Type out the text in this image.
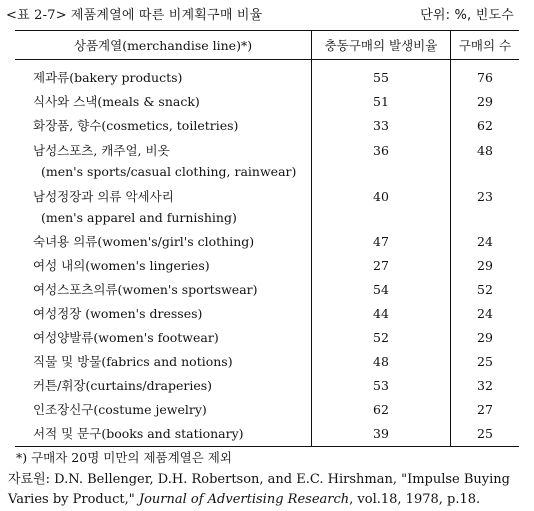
<표 2-7> 제품계열에 따른 비계획구매 비율	단위: %, 빈도수
상품계열(merchandise line)*)	충동구매의 발생비율	구매의 수
제과류(bakery products)	55	76
식사와 스낵(meals & snack)	51	29
화장품, 향수(cosmetics, toiletries)	33	62
남성스포츠, 캐주얼, 비옷
(men's sports/casual clothing, rainwear)	36	48
남성정장과 의류 악세사리
(men's apparel and furnishing)	40	23
숙녀용 의류(women's/girl's clothing)	47	24
여성 내의(women's lingeries)	27	29
여성스포츠의류(women's sportswear)	54	52
여성정장 (women's dresses)	44	24
여성양발류(women's footwear)	52	29
직물 및 방물(fabrics and notions)	48	25
커튼/휘장(curtains/draperies)	53	32
인조장신구(costume jewelry)	62	27
서적 및 문구(books and stationary)	39	25
*) 구매자 20명 미만의 제품계열은 제외
자료원: D.N. Bellenger, D.H. Robertson, and E.C. Hirshman, "Impulse Buying Varies by Product," Journal of Advertising Research, vol.18, 1978, p.18.
